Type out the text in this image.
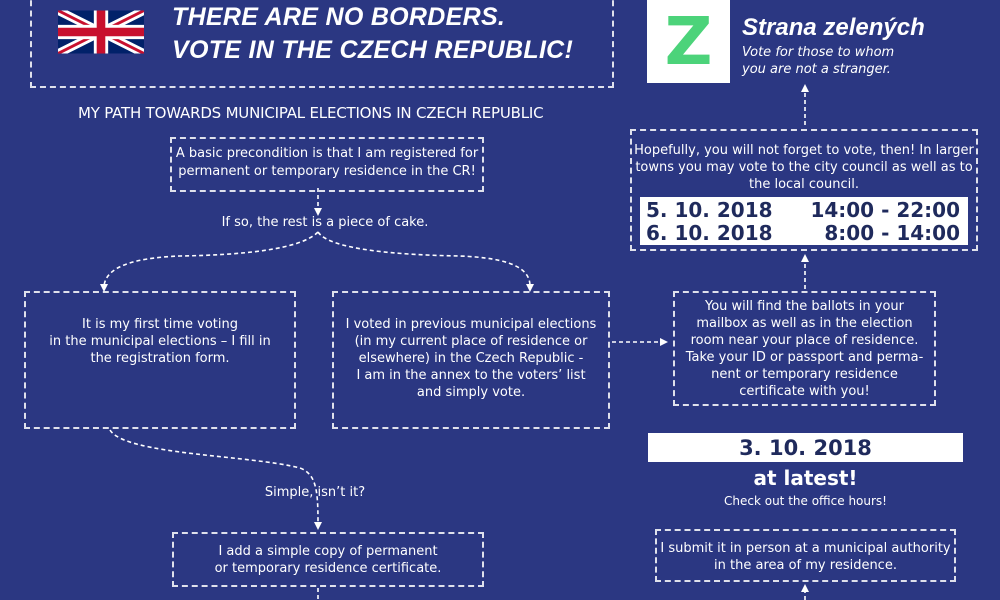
THERE ARE NO BORDERS.
VOTE IN THE CZECH REPUBLIC! Z	Strana zelených
Vote for those to whom
you are not a stranger.
MY PATH TOWARDS MUNICIPAL ELECTIONS IN CZECH REPUBLIC
A basic precondition is that I am registered for
permanent or temporary residence in the CR!
If so, the rest is a piece of cake.
It is my first time voting
in the municipal elections – I fill in
the registration form.
I voted in previous municipal elections
(in my current place of residence or
elsewhere) in the Czech Republic -
I am in the annex to the voters’ list
and simply vote.
Simple, isn’t it?
I add a simple copy of permanent
or temporary residence certificate.
You will find the ballots in your
mailbox as well as in the election
room near your place of residence.
Take your ID or passport and perma-
nent or temporary residence
certificate with you!
Hopefully, you will not forget to vote, then! In larger
towns you may vote to the city council as well as to
the local council.
5. 10. 2018 14:00 - 22:00
6. 10. 2018	8:00 - 14:00
3. 10. 2018
at latest!
Check out the office hours!
I submit it in person at a municipal authority
in the area of my residence.
